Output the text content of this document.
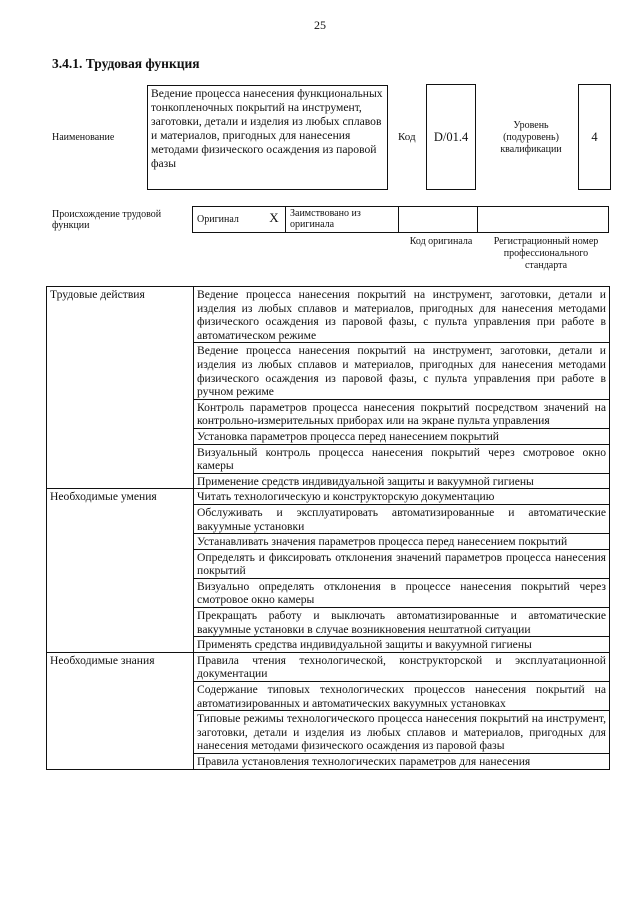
25
3.4.1. Трудовая функция
Наименование
Ведение процесса нанесения функциональных тонкопленочных покрытий на инструмент, заготовки, детали и изделия из любых сплавов и материалов, пригодных для нанесения методами физического осаждения из паровой фазы
Код	D/01.4
Уровень (подуровень) квалификации
4
Происхождение трудовой функции
Оригинал	X	Заимствовано из оригинала		
Код оригинала	Регистрационный номер профессионального стандарта
Трудовые действия	Ведение процесса нанесения покрытий на инструмент, заготовки, детали и изделия из любых сплавов и материалов, пригодных для нанесения методами физического осаждения из паровой фазы, с пульта управления при работе в автоматическом режиме
	Ведение процесса нанесения покрытий на инструмент, заготовки, детали и изделия из любых сплавов и материалов, пригодных для нанесения методами физического осаждения из паровой фазы, с пульта управления при работе в ручном режиме
	Контроль параметров процесса нанесения покрытий посредством значений на контрольно-измерительных приборах или на экране пульта управления
	Установка параметров процесса перед нанесением покрытий
	Визуальный контроль процесса нанесения покрытий через смотровое окно камеры
	Применение средств индивидуальной защиты и вакуумной гигиены
Необходимые умения	Читать технологическую и конструкторскую документацию
	Обслуживать и эксплуатировать автоматизированные и автоматические вакуумные установки
	Устанавливать значения параметров процесса перед нанесением покрытий
	Определять и фиксировать отклонения значений параметров процесса нанесения покрытий
	Визуально определять отклонения в процессе нанесения покрытий через смотровое окно камеры
	Прекращать работу и выключать автоматизированные и автоматические вакуумные установки в случае возникновения нештатной ситуации
	Применять средства индивидуальной защиты и вакуумной гигиены
Необходимые знания	Правила чтения технологической, конструкторской и эксплуатационной документации
	Содержание типовых технологических процессов нанесения покрытий на автоматизированных и автоматических вакуумных установках
	Типовые режимы технологического процесса нанесения покрытий на инструмент, заготовки, детали и изделия из любых сплавов и материалов, пригодных для нанесения методами физического осаждения из паровой фазы
	Правила установления технологических параметров для нанесения
